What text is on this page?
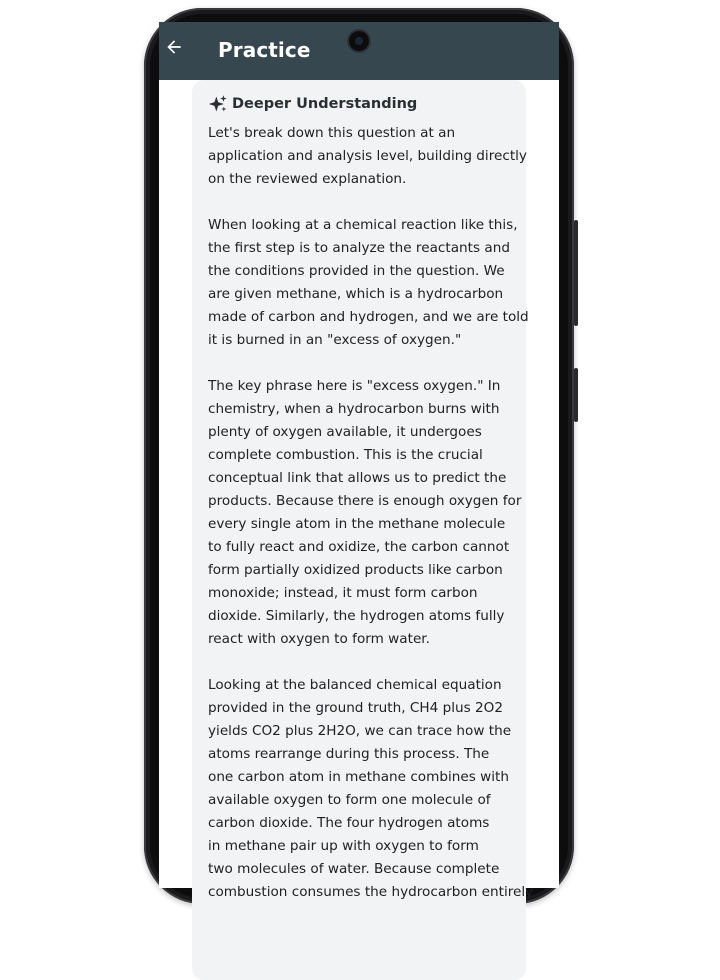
Practice
Deeper Understanding

Let's break down this question at an
application and analysis level, building directly
on the reviewed explanation.

When looking at a chemical reaction like this,
the first step is to analyze the reactants and
the conditions provided in the question. We
are given methane, which is a hydrocarbon
made of carbon and hydrogen, and we are told
it is burned in an "excess of oxygen."

The key phrase here is "excess oxygen." In
chemistry, when a hydrocarbon burns with
plenty of oxygen available, it undergoes
complete combustion. This is the crucial
conceptual link that allows us to predict the
products. Because there is enough oxygen for
every single atom in the methane molecule
to fully react and oxidize, the carbon cannot
form partially oxidized products like carbon
monoxide; instead, it must form carbon
dioxide. Similarly, the hydrogen atoms fully
react with oxygen to form water.

Looking at the balanced chemical equation
provided in the ground truth, CH4 plus 2O2
yields CO2 plus 2H2O, we can trace how the
atoms rearrange during this process. The
one carbon atom in methane combines with
available oxygen to form one molecule of
carbon dioxide. The four hydrogen atoms
in methane pair up with oxygen to form
two molecules of water. Because complete
combustion consumes the hydrocarbon entirely
